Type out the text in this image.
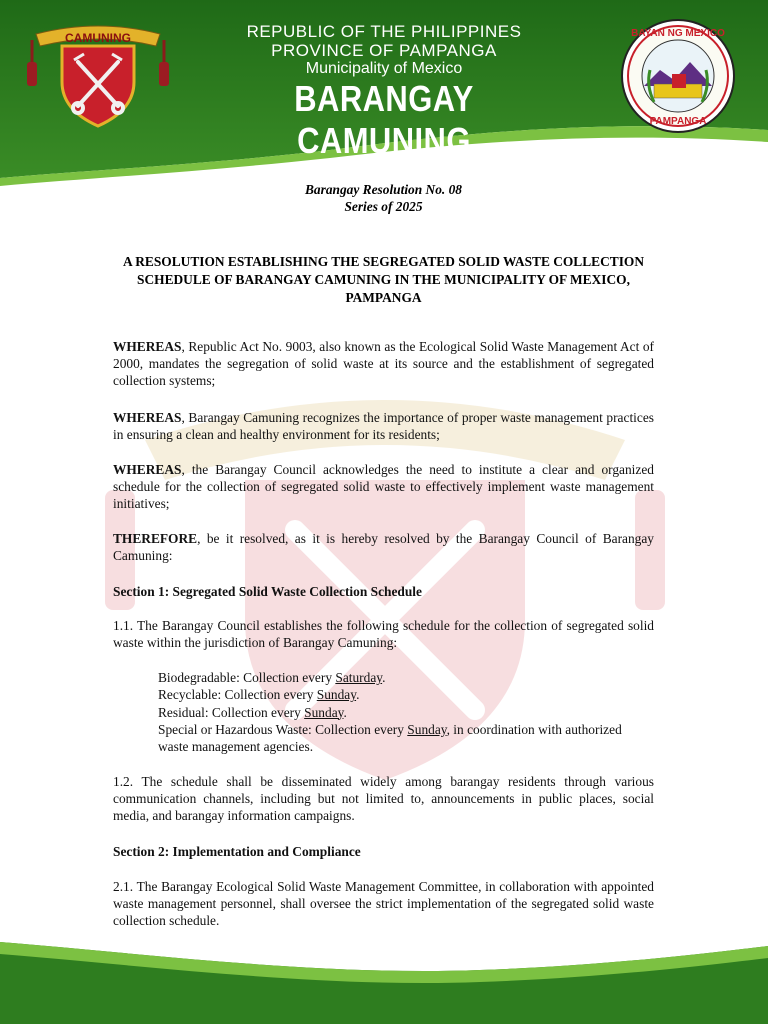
REPUBLIC OF THE PHILIPPINES
PROVINCE OF PAMPANGA
Municipality of Mexico
BARANGAY CAMUNING
CAMUNING	BAYAN NG MEXICO
PAMPANGA
Barangay Resolution No. 08
Series of 2025
A RESOLUTION ESTABLISHING THE SEGREGATED SOLID WASTE COLLECTION SCHEDULE OF BARANGAY CAMUNING IN THE MUNICIPALITY OF MEXICO, PAMPANGA

WHEREAS, Republic Act No. 9003, also known as the Ecological Solid Waste Management Act of 2000, mandates the segregation of solid waste at its source and the establishment of segregated collection systems;

WHEREAS, Barangay Camuning recognizes the importance of proper waste management practices in ensuring a clean and healthy environment for its residents;

WHEREAS, the Barangay Council acknowledges the need to institute a clear and organized schedule for the collection of segregated solid waste to effectively implement waste management initiatives;

THEREFORE, be it resolved, as it is hereby resolved by the Barangay Council of Barangay Camuning:

Section 1: Segregated Solid Waste Collection Schedule

1.1. The Barangay Council establishes the following schedule for the collection of segregated solid waste within the jurisdiction of Barangay Camuning:

Biodegradable: Collection every Saturday.
Recyclable: Collection every Sunday.
Residual: Collection every Sunday.
Special or Hazardous Waste: Collection every Sunday, in coordination with authorized waste management agencies.

1.2. The schedule shall be disseminated widely among barangay residents through various communication channels, including but not limited to, announcements in public places, social media, and barangay information campaigns.

Section 2: Implementation and Compliance

2.1. The Barangay Ecological Solid Waste Management Committee, in collaboration with appointed waste management personnel, shall oversee the strict implementation of the segregated solid waste collection schedule.
